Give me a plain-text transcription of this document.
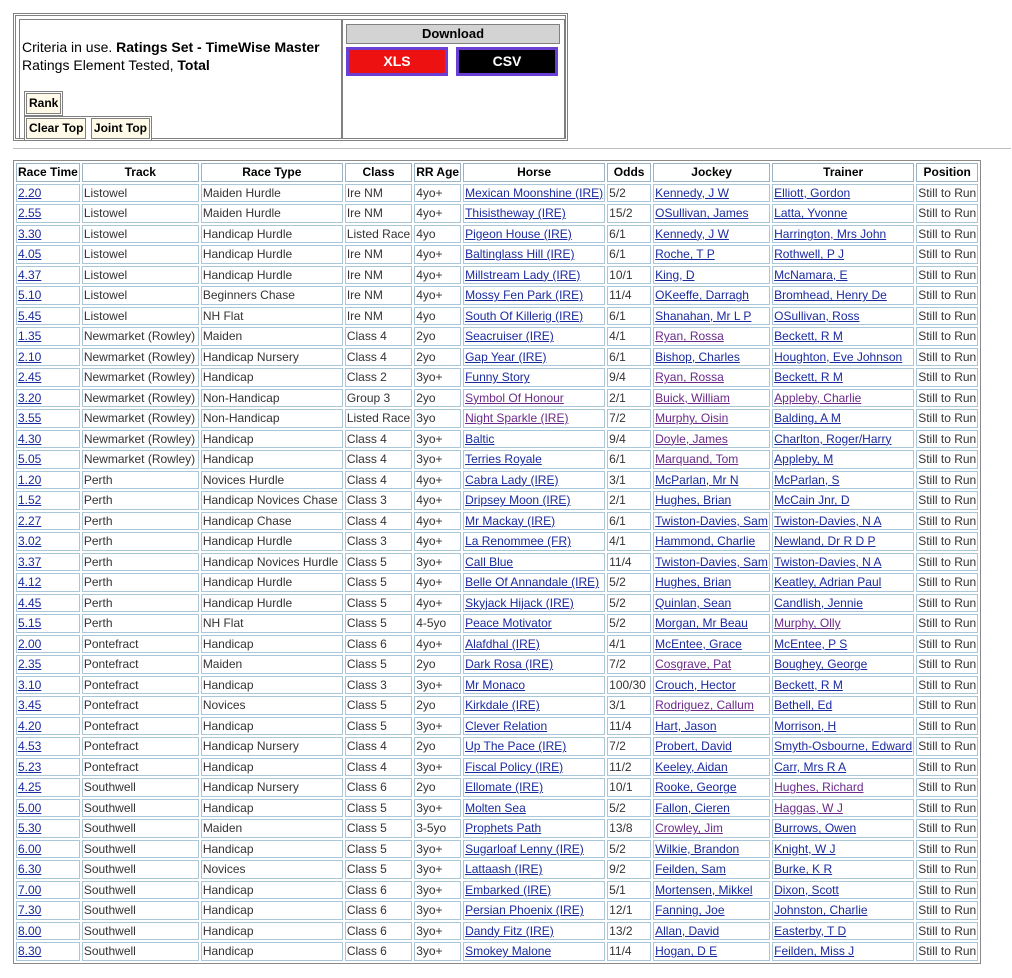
Criteria in use. Ratings Set - TimeWise Master
Ratings Element Tested, Total
Rank
Clear Top Joint Top
Download
XLS	CSV
Race Time	Track	Race Type	Class	RR Age	Horse	Odds	Jockey	Trainer	Position
2.20	Listowel	Maiden Hurdle	Ire NM	4yo+	Mexican Moonshine (IRE)	5/2	Kennedy, J W	Elliott, Gordon	Still to Run
2.55	Listowel	Maiden Hurdle	Ire NM	4yo+	Thisistheway (IRE)	15/2	OSullivan, James	Latta, Yvonne	Still to Run
3.30	Listowel	Handicap Hurdle	Listed Race	4yo	Pigeon House (IRE)	6/1	Kennedy, J W	Harrington, Mrs John	Still to Run
4.05	Listowel	Handicap Hurdle	Ire NM	4yo+	Baltinglass Hill (IRE)	6/1	Roche, T P	Rothwell, P J	Still to Run
4.37	Listowel	Handicap Hurdle	Ire NM	4yo+	Millstream Lady (IRE)	10/1	King, D	McNamara, E	Still to Run
5.10	Listowel	Beginners Chase	Ire NM	4yo+	Mossy Fen Park (IRE)	11/4	OKeeffe, Darragh	Bromhead, Henry De	Still to Run
5.45	Listowel	NH Flat	Ire NM	4yo	South Of Killerig (IRE)	6/1	Shanahan, Mr L P	OSullivan, Ross	Still to Run
1.35	Newmarket (Rowley)	Maiden	Class 4	2yo	Seacruiser (IRE)	4/1	Ryan, Rossa	Beckett, R M	Still to Run
2.10	Newmarket (Rowley)	Handicap Nursery	Class 4	2yo	Gap Year (IRE)	6/1	Bishop, Charles	Houghton, Eve Johnson	Still to Run
2.45	Newmarket (Rowley)	Handicap	Class 2	3yo+	Funny Story	9/4	Ryan, Rossa	Beckett, R M	Still to Run
3.20	Newmarket (Rowley)	Non-Handicap	Group 3	2yo	Symbol Of Honour	2/1	Buick, William	Appleby, Charlie	Still to Run
3.55	Newmarket (Rowley)	Non-Handicap	Listed Race	3yo	Night Sparkle (IRE)	7/2	Murphy, Oisin	Balding, A M	Still to Run
4.30	Newmarket (Rowley)	Handicap	Class 4	3yo+	Baltic	9/4	Doyle, James	Charlton, Roger/Harry	Still to Run
5.05	Newmarket (Rowley)	Handicap	Class 4	3yo+	Terries Royale	6/1	Marquand, Tom	Appleby, M	Still to Run
1.20	Perth	Novices Hurdle	Class 4	4yo+	Cabra Lady (IRE)	3/1	McParlan, Mr N	McParlan, S	Still to Run
1.52	Perth	Handicap Novices Chase	Class 3	4yo+	Dripsey Moon (IRE)	2/1	Hughes, Brian	McCain Jnr, D	Still to Run
2.27	Perth	Handicap Chase	Class 4	4yo+	Mr Mackay (IRE)	6/1	Twiston-Davies, Sam	Twiston-Davies, N A	Still to Run
3.02	Perth	Handicap Hurdle	Class 3	4yo+	La Renommee (FR)	4/1	Hammond, Charlie	Newland, Dr R D P	Still to Run
3.37	Perth	Handicap Novices Hurdle	Class 5	3yo+	Call Blue	11/4	Twiston-Davies, Sam	Twiston-Davies, N A	Still to Run
4.12	Perth	Handicap Hurdle	Class 5	4yo+	Belle Of Annandale (IRE)	5/2	Hughes, Brian	Keatley, Adrian Paul	Still to Run
4.45	Perth	Handicap Hurdle	Class 5	4yo+	Skyjack Hijack (IRE)	5/2	Quinlan, Sean	Candlish, Jennie	Still to Run
5.15	Perth	NH Flat	Class 5	4-5yo	Peace Motivator	5/2	Morgan, Mr Beau	Murphy, Olly	Still to Run
2.00	Pontefract	Handicap	Class 6	4yo+	Alafdhal (IRE)	4/1	McEntee, Grace	McEntee, P S	Still to Run
2.35	Pontefract	Maiden	Class 5	2yo	Dark Rosa (IRE)	7/2	Cosgrave, Pat	Boughey, George	Still to Run
3.10	Pontefract	Handicap	Class 3	3yo+	Mr Monaco	100/30	Crouch, Hector	Beckett, R M	Still to Run
3.45	Pontefract	Novices	Class 5	2yo	Kirkdale (IRE)	3/1	Rodriguez, Callum	Bethell, Ed	Still to Run
4.20	Pontefract	Handicap	Class 5	3yo+	Clever Relation	11/4	Hart, Jason	Morrison, H	Still to Run
4.53	Pontefract	Handicap Nursery	Class 4	2yo	Up The Pace (IRE)	7/2	Probert, David	Smyth-Osbourne, Edward	Still to Run
5.23	Pontefract	Handicap	Class 4	3yo+	Fiscal Policy (IRE)	11/2	Keeley, Aidan	Carr, Mrs R A	Still to Run
4.25	Southwell	Handicap Nursery	Class 6	2yo	Ellomate (IRE)	10/1	Rooke, George	Hughes, Richard	Still to Run
5.00	Southwell	Handicap	Class 5	3yo+	Molten Sea	5/2	Fallon, Cieren	Haggas, W J	Still to Run
5.30	Southwell	Maiden	Class 5	3-5yo	Prophets Path	13/8	Crowley, Jim	Burrows, Owen	Still to Run
6.00	Southwell	Handicap	Class 5	3yo+	Sugarloaf Lenny (IRE)	5/2	Wilkie, Brandon	Knight, W J	Still to Run
6.30	Southwell	Novices	Class 5	3yo+	Lattaash (IRE)	9/2	Feilden, Sam	Burke, K R	Still to Run
7.00	Southwell	Handicap	Class 6	3yo+	Embarked (IRE)	5/1	Mortensen, Mikkel	Dixon, Scott	Still to Run
7.30	Southwell	Handicap	Class 6	3yo+	Persian Phoenix (IRE)	12/1	Fanning, Joe	Johnston, Charlie	Still to Run
8.00	Southwell	Handicap	Class 6	3yo+	Dandy Fitz (IRE)	13/2	Allan, David	Easterby, T D	Still to Run
8.30	Southwell	Handicap	Class 6	3yo+	Smokey Malone	11/4	Hogan, D E	Feilden, Miss J	Still to Run
